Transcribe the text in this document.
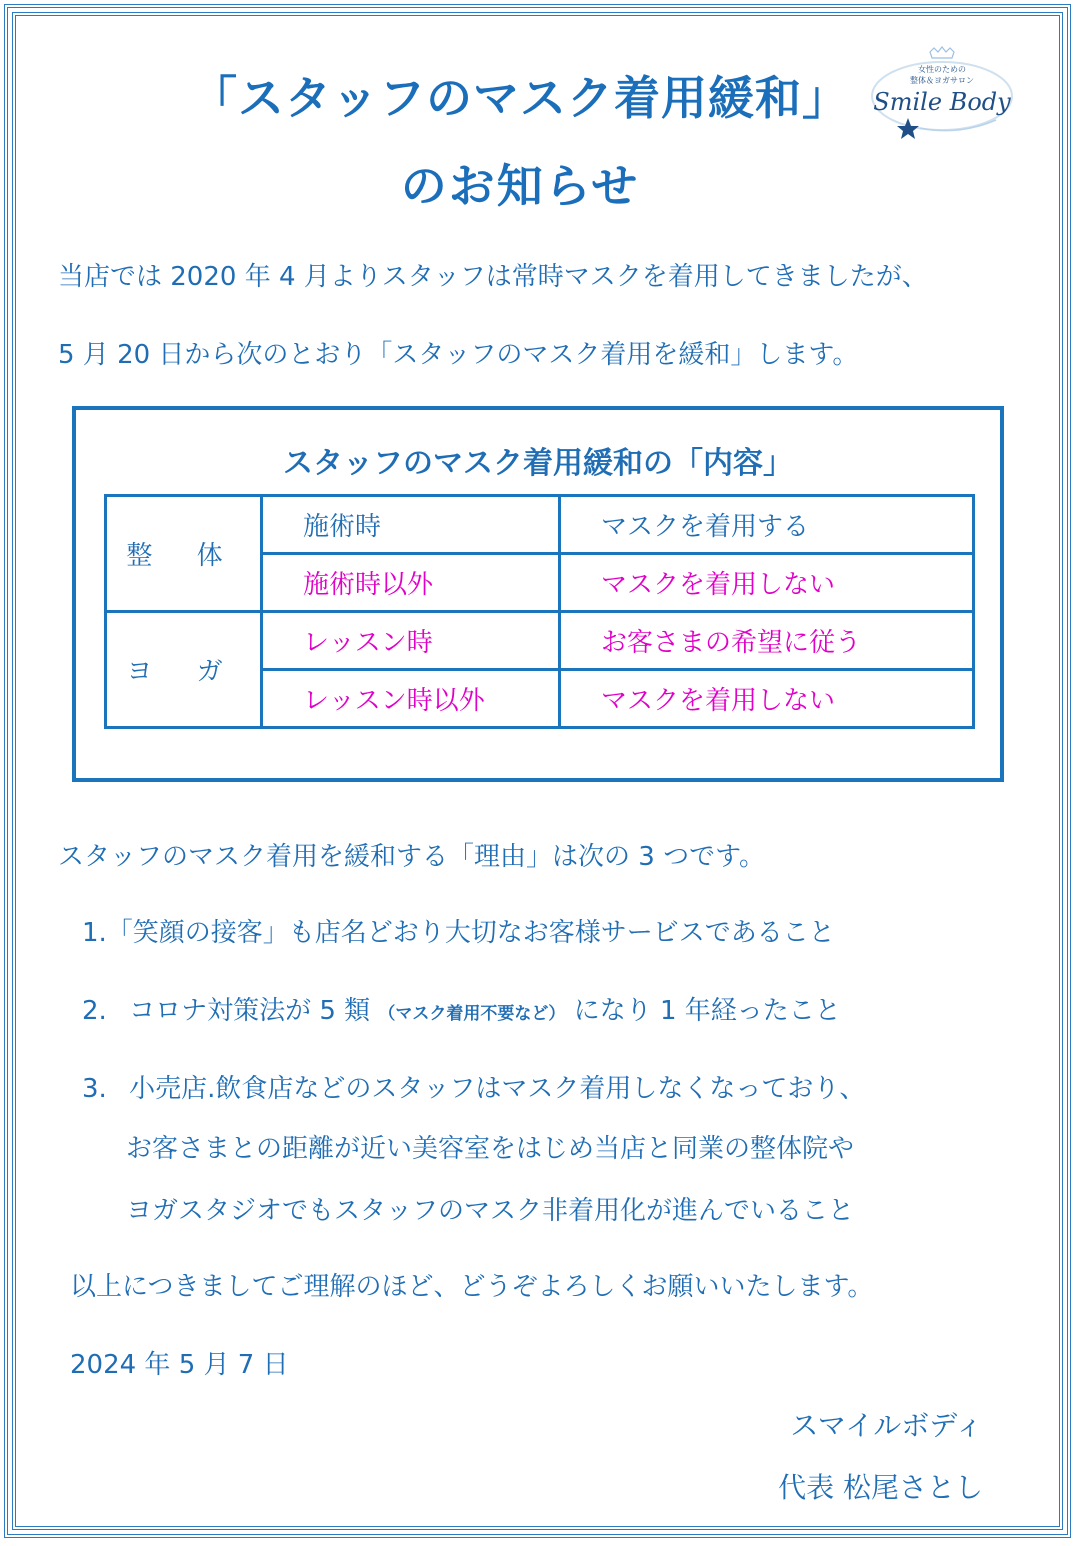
「スタッフのマスク着用緩和」
のお知らせ
女性のための
整体＆ヨガサロン
Smile Body
当店では 2020 年 4 月よりスタッフは常時マスクを着用してきましたが、
5 月 20 日から次のとおり「スタッフのマスク着用を緩和」します。
スタッフのマスク着用緩和の「内容」
整 体	施術時	マスクを着用する
	施術時以外	マスクを着用しない
ヨ ガ	レッスン時	お客さまの希望に従う
	レッスン時以外	マスクを着用しない
スタッフのマスク着用を緩和する「理由」は次の 3 つです。
1.「笑顔の接客」も店名どおり大切なお客様サービスであること
2. コロナ対策法が 5 類 （マスク着用不要など） になり 1 年経ったこと
3. 小売店.飲食店などのスタッフはマスク着用しなくなっており、
お客さまとの距離が近い美容室をはじめ当店と同業の整体院や
ヨガスタジオでもスタッフのマスク非着用化が進んでいること
以上につきましてご理解のほど、どうぞよろしくお願いいたします。
2024 年 5 月 7 日
スマイルボディ
代表 松尾さとし
